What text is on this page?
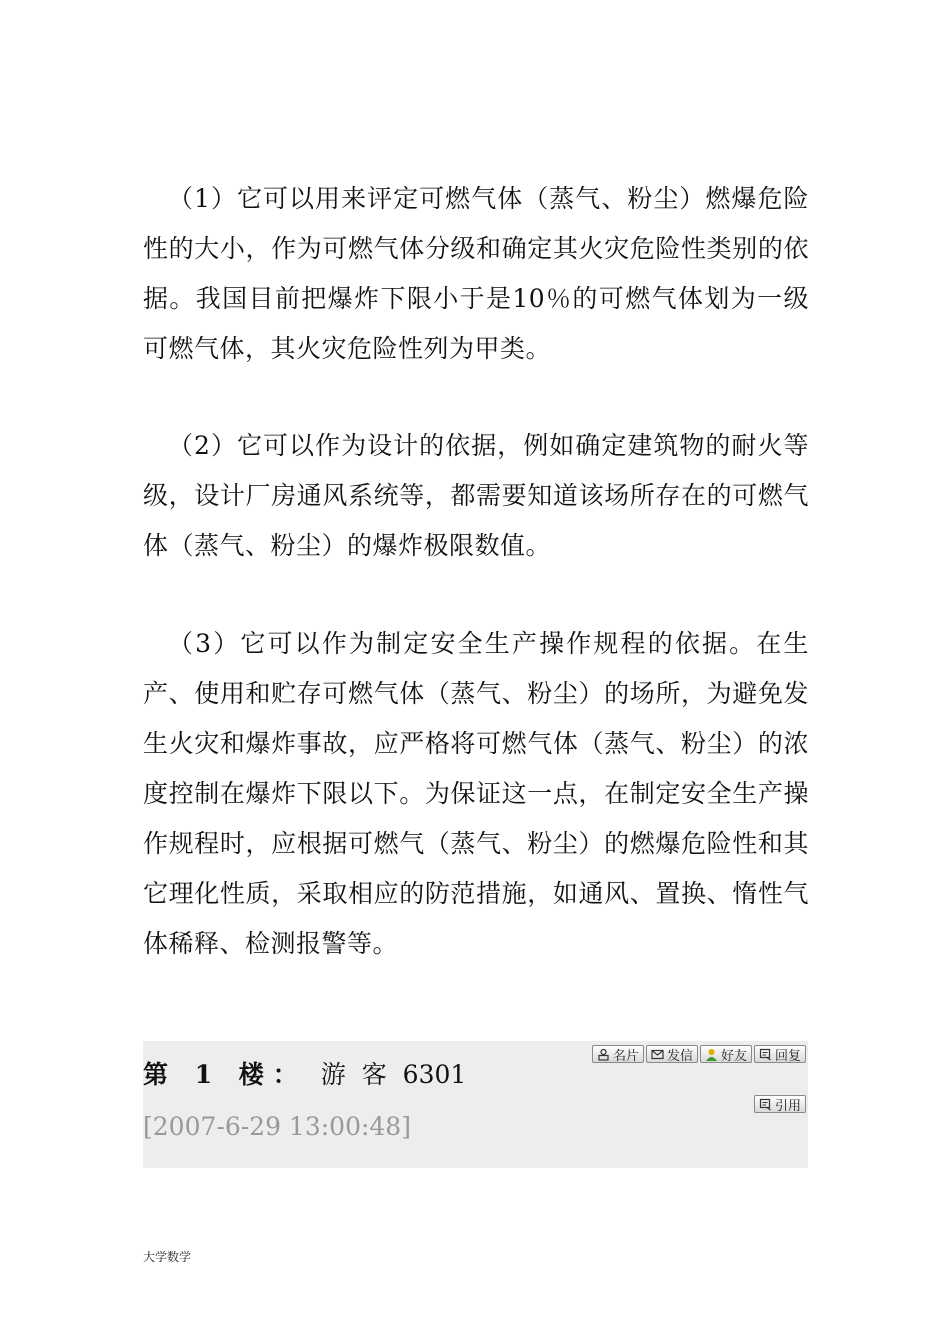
（1）它可以用来评定可燃气体（蒸气、粉尘）燃爆危险性的大小，作为可燃气体分级和确定其火灾危险性类别的依据。我国目前把爆炸下限小于是10％的可燃气体划为一级可燃气体，其火灾危险性列为甲类。

（2）它可以作为设计的依据，例如确定建筑物的耐火等级，设计厂房通风系统等，都需要知道该场所存在的可燃气体（蒸气、粉尘）的爆炸极限数值。

（3）它可以作为制定安全生产操作规程的依据。在生产、使用和贮存可燃气体（蒸气、粉尘）的场所，为避免发生火灾和爆炸事故，应严格将可燃气体（蒸气、粉尘）的浓度控制在爆炸下限以下。为保证这一点，在制定安全生产操作规程时，应根据可燃气（蒸气、粉尘）的燃爆危险性和其它理化性质，采取相应的防范措施，如通风、置换、惰性气体稀释、检测报警等。

第 1 楼： 游 客 6301 [2007-6-29 13:00:48]

名片 发信 好友 回复
引用

大学数学
